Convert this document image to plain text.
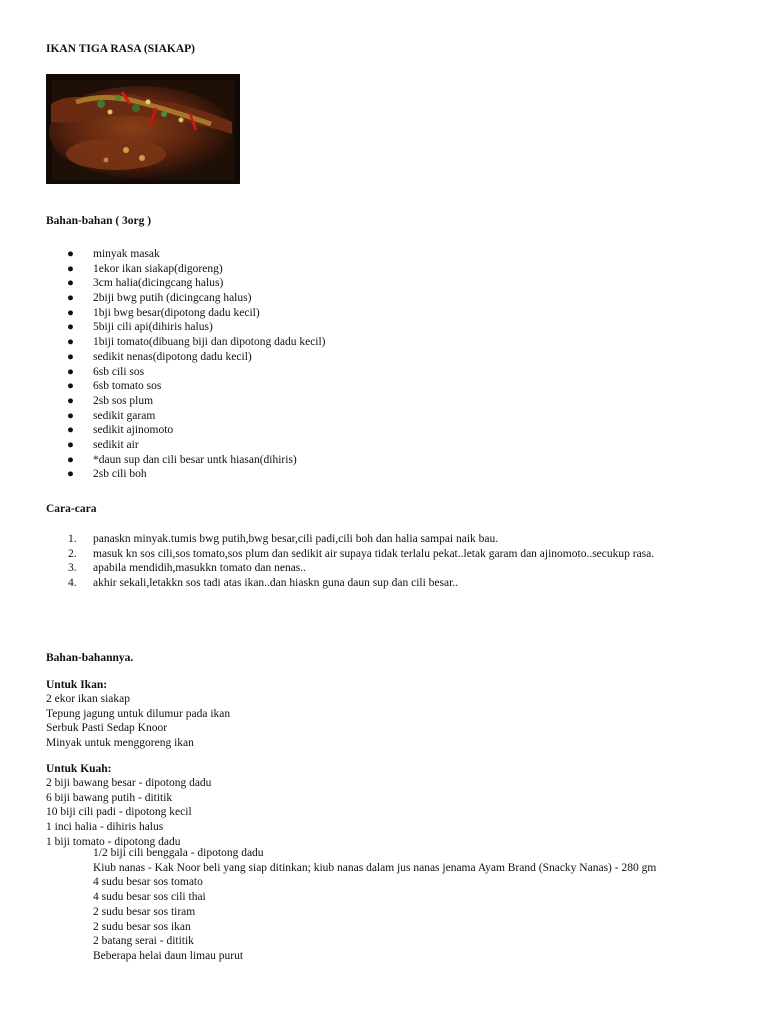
IKAN TIGA RASA (SIAKAP)
Bahan-bahan ( 3org )
● minyak masak
● 1ekor ikan siakap(digoreng)
● 3cm halia(dicingcang halus)
● 2biji bwg putih (dicingcang halus)
● 1bji bwg besar(dipotong dadu kecil)
● 5biji cili api(dihiris halus)
● 1biji tomato(dibuang biji dan dipotong dadu kecil)
● sedikit nenas(dipotong dadu kecil)
● 6sb cili sos
● 6sb tomato sos
● 2sb sos plum
● sedikit garam
● sedikit ajinomoto
● sedikit air
● *daun sup dan cili besar untk hiasan(dihiris)
● 2sb cili boh
Cara-cara
1. panaskn minyak.tumis bwg putih,bwg besar,cili padi,cili boh dan halia sampai naik bau.
2. masuk kn sos cili,sos tomato,sos plum dan sedikit air supaya tidak terlalu pekat..letak garam dan ajinomoto..secukup rasa.
3. apabila mendidih,masukkn tomato dan nenas..
4. akhir sekali,letakkn sos tadi atas ikan..dan hiaskn guna daun sup dan cili besar..
Bahan-bahannya.
Untuk Ikan:
2 ekor ikan siakap
Tepung jagung untuk dilumur pada ikan
Serbuk Pasti Sedap Knoor
Minyak untuk menggoreng ikan
Untuk Kuah:
2 biji bawang besar - dipotong dadu
6 biji bawang putih - dititik
10 biji cili padi - dipotong kecil
1 inci halia - dihiris halus
1 biji tomato - dipotong dadu
1/2 biji cili benggala - dipotong dadu
Kiub nanas - Kak Noor beli yang siap ditinkan; kiub nanas dalam jus nanas jenama Ayam Brand (Snacky Nanas) - 280 gm
4 sudu besar sos tomato
4 sudu besar sos cili thai
2 sudu besar sos tiram
2 sudu besar sos ikan
2 batang serai - dititik
Beberapa helai daun limau purut
